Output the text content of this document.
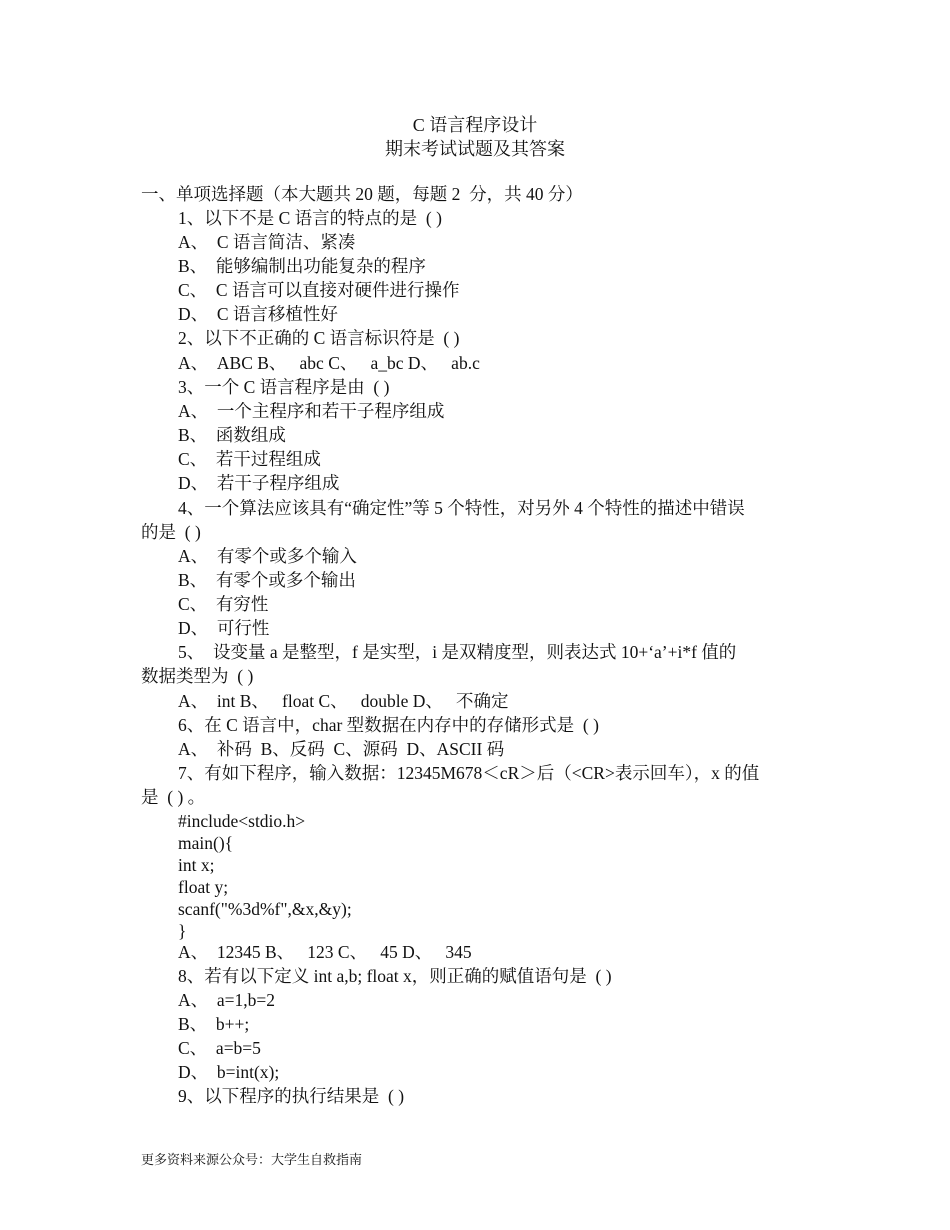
C 语言程序设计
期末考试试题及其答案
一、单项选择题（本大题共 20 题，每题 2  分，共 40 分）
1、以下不是 C 语言的特点的是  ( )
A、  C 语言简洁、紧凑
B、  能够编制出功能复杂的程序
C、  C 语言可以直接对硬件进行操作
D、  C 语言移植性好
2、以下不正确的 C 语言标识符是  ( )
A、  ABC B、   abc C、   a_bc D、   ab.c
3、一个 C 语言程序是由  ( )
A、  一个主程序和若干子程序组成
B、  函数组成
C、  若干过程组成
D、  若干子程序组成
4、一个算法应该具有“确定性”等 5 个特性，对另外 4 个特性的描述中错误
的是  ( )
A、  有零个或多个输入
B、  有零个或多个输出
C、  有穷性
D、  可行性
5、  设变量 a 是整型，f 是实型，i 是双精度型，则表达式 10+‘a’+i*f 值的
数据类型为  ( )
A、  int B、   float C、   double D、   不确定
6、在 C 语言中，char 型数据在内存中的存储形式是  ( )
A、  补码  B、反码  C、源码  D、ASCII 码
7、有如下程序，输入数据：12345M678＜cR＞后（<CR>表示回车），x 的值
是  ( ) 。
#include<stdio.h>
main(){
int x;
float y;
scanf("%3d%f",&x,&y);
}
A、  12345 B、   123 C、   45 D、   345
8、若有以下定义 int a,b; float x，则正确的赋值语句是  ( )
A、  a=1,b=2
B、  b++;
C、  a=b=5
D、  b=int(x);
9、以下程序的执行结果是  ( )
更多资料来源公众号：大学生自救指南
